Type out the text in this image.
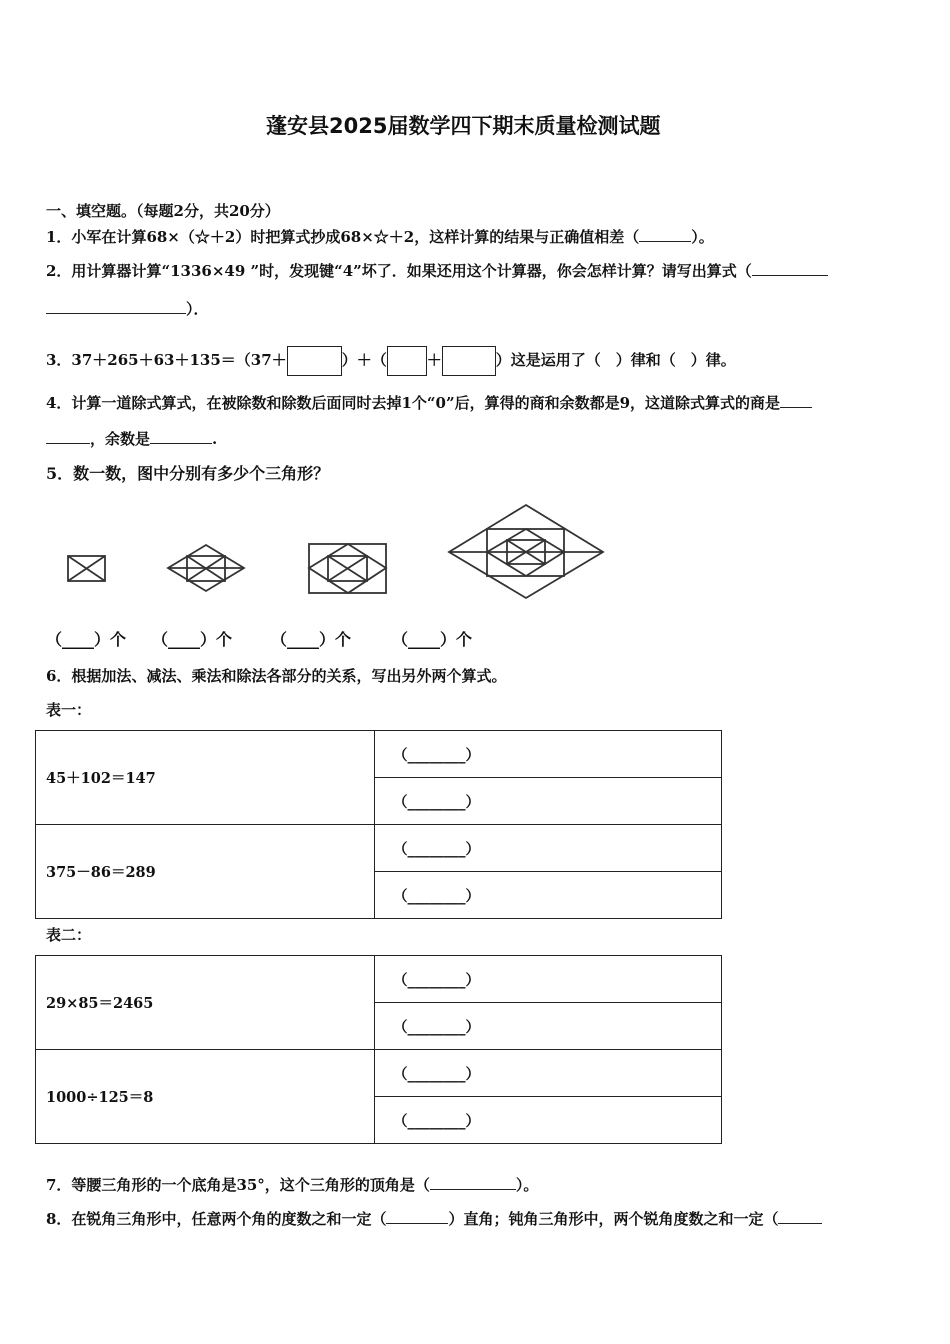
蓬安县2025届数学四下期末质量检测试题
一、填空题。（每题2分，共20分）
1．小军在计算68×（☆＋2）时把算式抄成68×☆＋2，这样计算的结果与正确值相差（	）。
2．用计算器计算“1336×49 ”时，发现键“4”坏了．如果还用这个计算器，你会怎样计算？请写出算式（
）．
3．37＋265＋63＋135＝（37＋	）＋（	＋	）这是运用了（　）律和（　）律。
4．计算一道除式算式，在被除数和除数后面同时去掉1个“0”后，算得的商和余数都是9，这道除式算式的商是
，余数是	.
5．数一数，图中分别有多少个三角形？
（____）个 （____）个 （____）个	（____）个
6．根据加法、减法、乘法和除法各部分的关系，写出另外两个算式。
表一：
45＋102＝147	（________）
	（________）
375－86＝289	（________）
	（________）
表二：
29×85＝2465	（________）
	（________）
1000÷125＝8	（________）
	（________）
7．等腰三角形的一个底角是35°，这个三角形的顶角是（	）。
8．在锐角三角形中，任意两个角的度数之和一定（	）直角；钝角三角形中，两个锐角度数之和一定（
